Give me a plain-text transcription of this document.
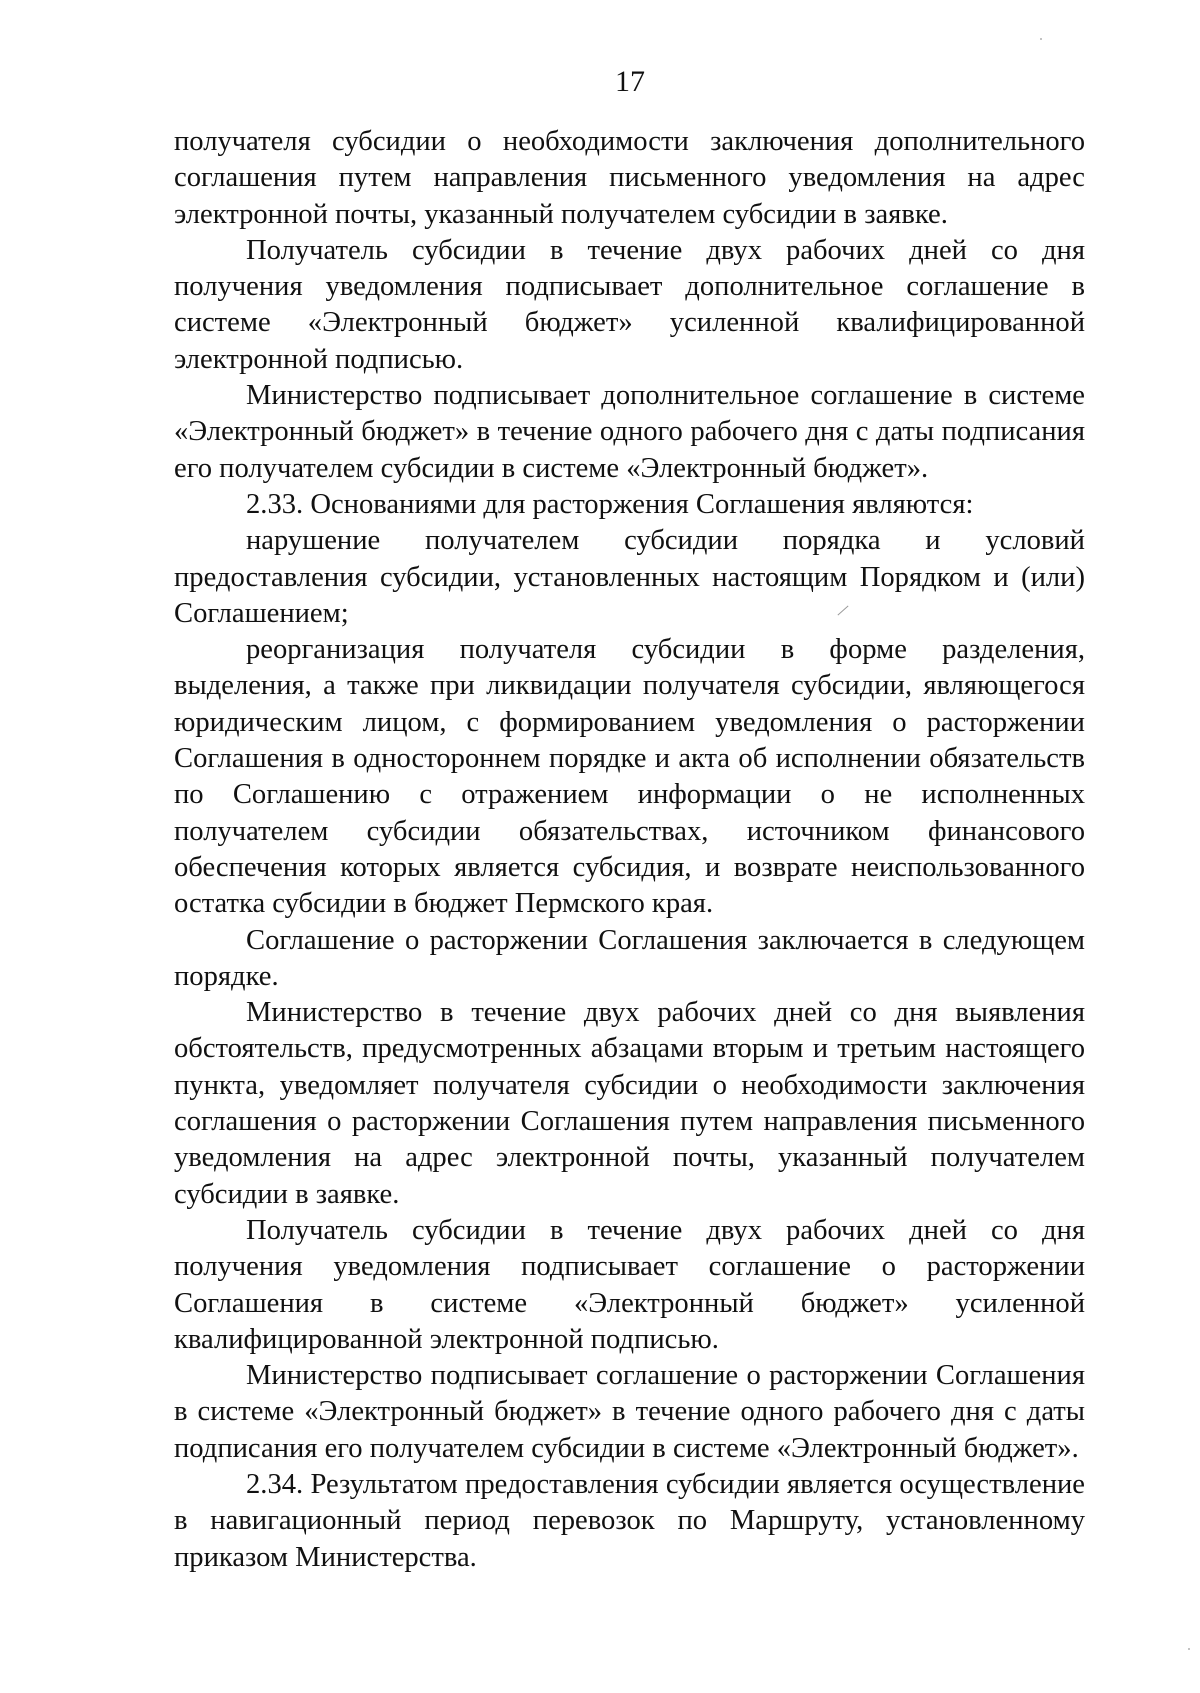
17

получателя субсидии о необходимости заключения дополнительного соглашения путем направления письменного уведомления на адрес электронной почты, указанный получателем субсидии в заявке.

Получатель субсидии в течение двух рабочих дней со дня получения уведомления подписывает дополнительное соглашение в системе «Электронный бюджет» усиленной квалифицированной электронной подписью.

Министерство подписывает дополнительное соглашение в системе «Электронный бюджет» в течение одного рабочего дня с даты подписания его получателем субсидии в системе «Электронный бюджет».

2.33. Основаниями для расторжения Соглашения являются:

нарушение получателем субсидии порядка и условий предоставления субсидии, установленных настоящим Порядком и (или) Соглашением;

реорганизация получателя субсидии в форме разделения, выделения, а также при ликвидации получателя субсидии, являющегося юридическим лицом, с формированием уведомления о расторжении Соглашения в одностороннем порядке и акта об исполнении обязательств по Соглашению с отражением информации о не исполненных получателем субсидии обязательствах, источником финансового обеспечения которых является субсидия, и возврате неиспользованного остатка субсидии в бюджет Пермского края.

Соглашение о расторжении Соглашения заключается в следующем порядке.

Министерство в течение двух рабочих дней со дня выявления обстоятельств, предусмотренных абзацами вторым и третьим настоящего пункта, уведомляет получателя субсидии о необходимости заключения соглашения о расторжении Соглашения путем направления письменного уведомления на адрес электронной почты, указанный получателем субсидии в заявке.

Получатель субсидии в течение двух рабочих дней со дня получения уведомления подписывает соглашение о расторжении Соглашения в системе «Электронный бюджет» усиленной квалифицированной электронной подписью.

Министерство подписывает соглашение о расторжении Соглашения в системе «Электронный бюджет» в течение одного рабочего дня с даты подписания его получателем субсидии в системе «Электронный бюджет».

2.34. Результатом предоставления субсидии является осуществление в навигационный период перевозок по Маршруту, установленному приказом Министерства.
